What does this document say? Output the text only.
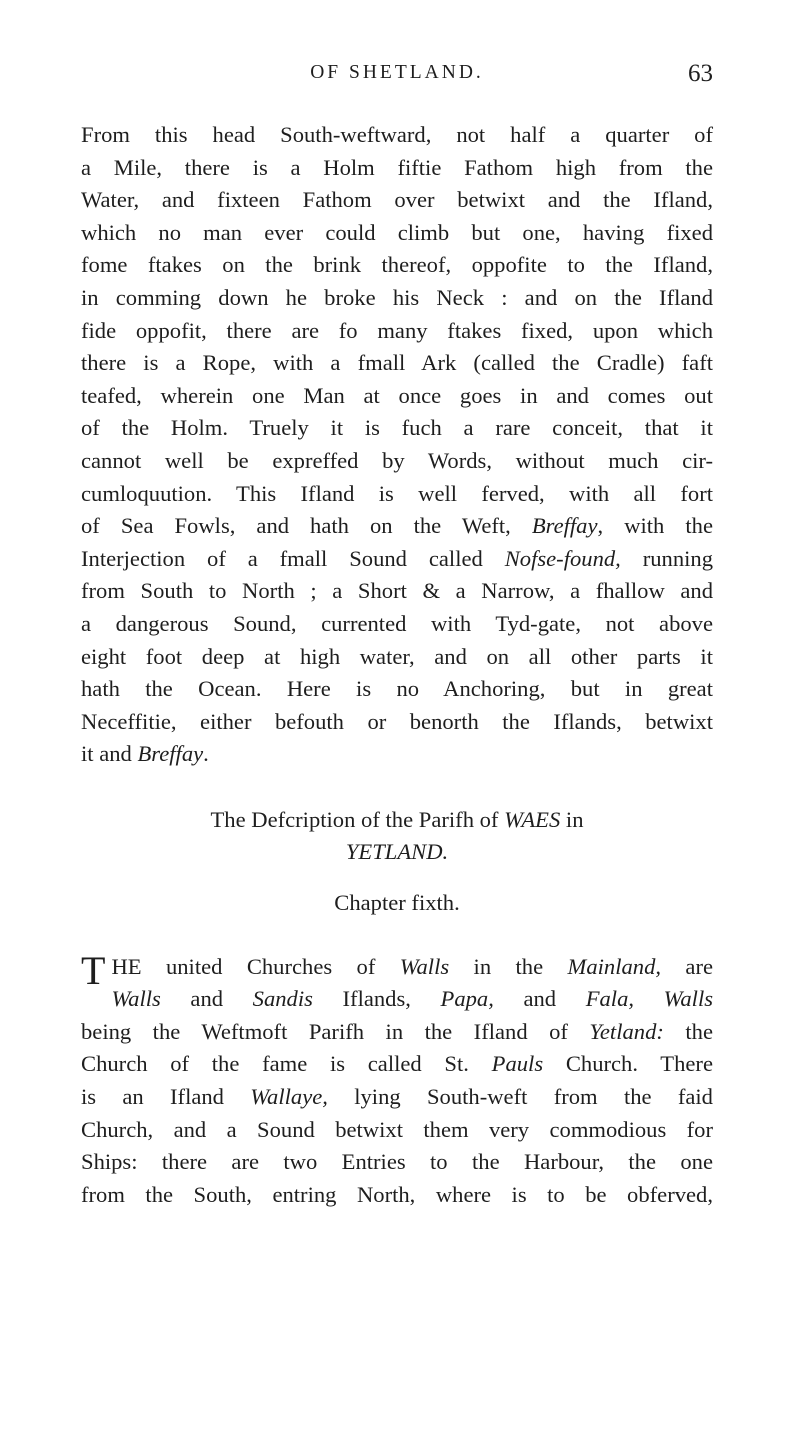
OF SHETLAND.	63
From this head South-weftward, not half a quarter of
a Mile, there is a Holm fiftie Fathom high from the
Water, and fixteen Fathom over betwixt and the Ifland,
which no man ever could climb but one, having fixed
fome ftakes on the brink thereof, oppofite to the Ifland,
in comming down he broke his Neck : and on the Ifland
fide oppofit, there are fo many ftakes fixed, upon which
there is a Rope, with a fmall Ark (called the Cradle) faft
teafed, wherein one Man at once goes in and comes out
of the Holm. Truely it is fuch a rare conceit, that it
cannot well be expreffed by Words, without much cir-
cumloquution. This Ifland is well ferved, with all fort
of Sea Fowls, and hath on the Weft, Breffay, with the
Interjection of a fmall Sound called Nofse-found, running
from South to North ; a Short & a Narrow, a fhallow and
a dangerous Sound, currented with Tyd-gate, not above
eight foot deep at high water, and on all other parts it
hath the Ocean. Here is no Anchoring, but in great
Neceffitie, either befouth or benorth the Iflands, betwixt
it and Breffay.
The Defcription of the Parifh of WAES in
YETLAND.
Chapter fixth.
T HE united Churches of Walls in the Mainland, are
Walls and Sandis Iflands, Papa, and Fala, Walls
being the Weftmoft Parifh in the Ifland of Yetland: the
Church of the fame is called St. Pauls Church. There
is an Ifland Wallaye, lying South-weft from the faid
Church, and a Sound betwixt them very commodious for
Ships: there are two Entries to the Harbour, the one
from the South, entring North, where is to be obferved,
